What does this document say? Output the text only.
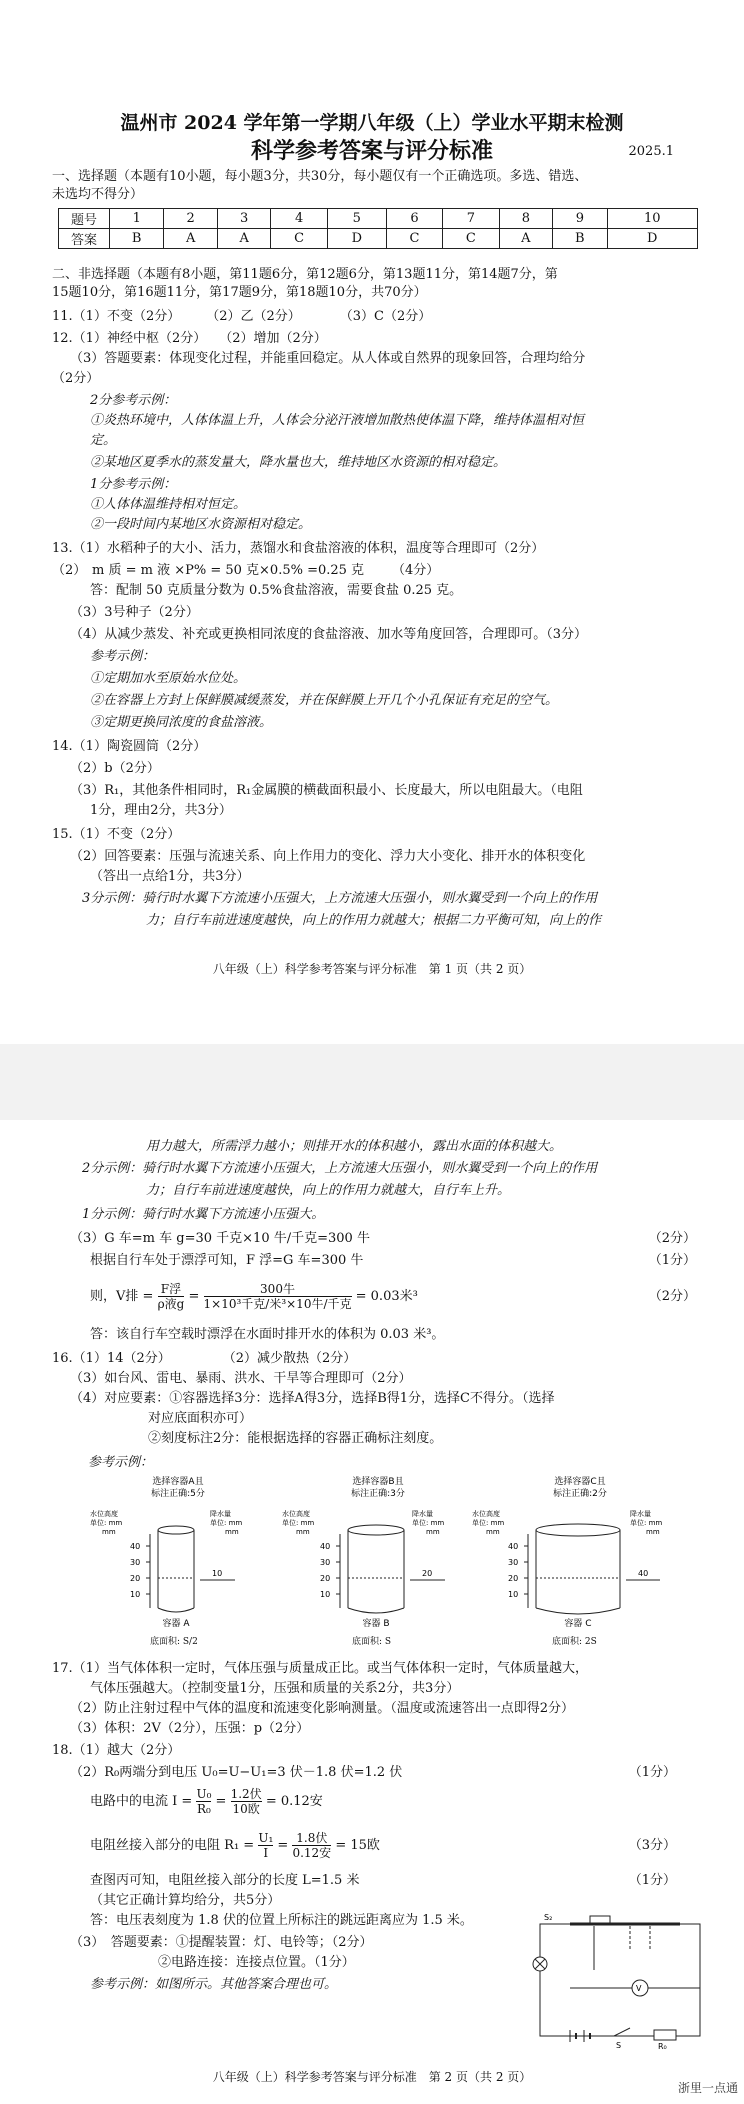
温州市 2024 学年第一学期八年级（上）学业水平期末检测
科学参考答案与评分标准	2025.1
一、选择题（本题有10小题，每小题3分，共30分，每小题仅有一个正确选项。多选、错选、
未选均不得分）
题号	1	2	3	4	5	6	7	8	9	10
答案	B	A	A	C	D	C	C	A	B	D
二、非选择题（本题有8小题，第11题6分，第12题6分，第13题11分，第14题7分，第
15题10分，第16题11分，第17题9分，第18题10分，共70分）
11.（1）不变（2分）　　　（2）乙（2分）　　　　（3）C（2分）
12.（1）神经中枢（2分）　　（2）增加（2分）
（3）答题要素：体现变化过程，并能重回稳定。从人体或自然界的现象回答，合理均给分
（2分）
2分参考示例：
①炎热环境中，人体体温上升，人体会分泌汗液增加散热使体温下降，维持体温相对恒
定。
②某地区夏季水的蒸发量大，降水量也大，维持地区水资源的相对稳定。
1分参考示例：
①人体体温维持相对恒定。
②一段时间内某地区水资源相对稳定。
13.（1）水稻种子的大小、活力，蒸馏水和食盐溶液的体积，温度等合理即可（2分）
（2） m 质 = m 液 ×P% = 50 克×0.5% =0.25 克 （4分）
答：配制 50 克质量分数为 0.5%食盐溶液，需要食盐 0.25 克。
（3）3号种子（2分）
（4）从减少蒸发、补充或更换相同浓度的食盐溶液、加水等角度回答，合理即可。（3分）
参考示例：
①定期加水至原始水位处。
②在容器上方封上保鲜膜减缓蒸发，并在保鲜膜上开几个小孔保证有充足的空气。
③定期更换同浓度的食盐溶液。
14.（1）陶瓷圆筒（2分）
（2）b（2分）
（3）R₁，其他条件相同时，R₁金属膜的横截面积最小、长度最大，所以电阻最大。（电阻
1分，理由2分，共3分）
15.（1）不变（2分）
（2）回答要素：压强与流速关系、向上作用力的变化、浮力大小变化、排开水的体积变化
（答出一点给1分，共3分）
3分示例：骑行时水翼下方流速小压强大，上方流速大压强小，则水翼受到一个向上的作用
力；自行车前进速度越快，向上的作用力就越大；根据二力平衡可知，向上的作
八年级（上）科学参考答案与评分标准　第 1 页（共 2 页）
用力越大，所需浮力越小；则排开水的体积越小，露出水面的体积越大。
2分示例：骑行时水翼下方流速小压强大，上方流速大压强小，则水翼受到一个向上的作用
力；自行车前进速度越快，向上的作用力就越大，自行车上升。
1分示例：骑行时水翼下方流速小压强大。
（3）G 车=m 车 g=30 千克×10 牛/千克=300 牛	（2分）
根据自行车处于漂浮可知，F 浮=G 车=300 牛	（1分）
则，V排 = $\frac{\text{F浮}}{\text{ρ液g}} = \frac{\text{300牛}}{\text{1×10³千克/米³×10牛/千克}} = 0.03$米³	（2分）
答：该自行车空载时漂浮在水面时排开水的体积为 0.03 米³。
16.（1）14（2分）　　　　　（2）减少散热（2分）
（3）如台风、雷电、暴雨、洪水、干旱等合理即可（2分）
（4）对应要素：①容器选择3分：选择A得3分，选择B得1分，选择C不得分。（选择
对应底面积亦可）
②刻度标注2分：能根据选择的容器正确标注刻度。
参考示例：
选择容器A且
标注正确:5分
水位高度
单位: mm
降水量
单位: mm
mm	mm
40
30
20
10
10
容器 A
选择容器B且
标注正确:3分
水位高度
单位: mm
降水量
单位: mm
mm	mm
40
30
20
10
20
容器 B
选择容器C且
标注正确:2分
水位高度
单位: mm
降水量
单位: mm
mm	mm
40
30
20
10
40
容器 C
底面积: S/2	底面积: S	底面积: 2S
17.（1）当气体体积一定时，气体压强与质量成正比。或当气体体积一定时，气体质量越大，
气体压强越大。（控制变量1分，压强和质量的关系2分，共3分）
（2）防止注射过程中气体的温度和流速变化影响测量。（温度或流速答出一点即得2分）
（3）体积：2V（2分），压强：p（2分）
18.（1）越大（2分）
（2）R₀两端分到电压 U₀=U−U₁=3 伏－1.8 伏=1.2 伏	（1分）
电路中的电流 $I = \frac{\text{U₀}}{\text{R₀}} = \frac{\text{1.2伏}}{\text{10欧}} = 0.12$安
电阻丝接入部分的电阻 $R_1 = \frac{\text{U₁}}{I} = \frac{\text{1.8伏}}{\text{0.12安}} = 15$欧	（3分）
查图丙可知，电阻丝接入部分的长度 L=1.5 米	（1分）
（其它正确计算均给分，共5分）
答：电压表刻度为 1.8 伏的位置上所标注的跳远距离应为 1.5 米。
（3）　答题要素：①提醒装置：灯、电铃等；（2分）
②电路连接：连接点位置。（1分）
参考示例：如图所示。其他答案合理也可。
S₂
V
S	R₀
八年级（上）科学参考答案与评分标准　第 2 页（共 2 页）
浙里一点通
